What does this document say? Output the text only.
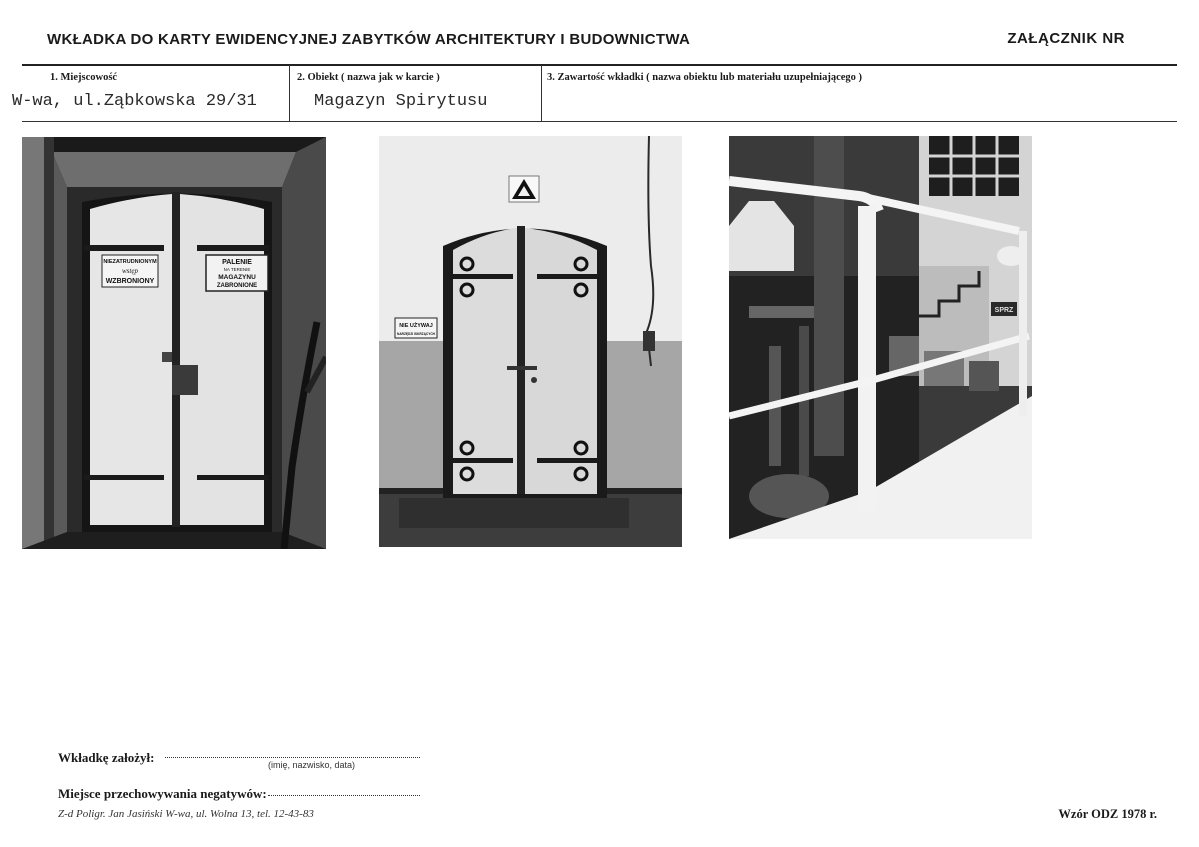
WKŁADKA DO KARTY EWIDENCYJNEJ ZABYTKÓW ARCHITEKTURY I BUDOWNICTWA	ZAŁĄCZNIK NR
1. Miejscowość
W-wa, ul.Ząbkowska 29/31
2. Obiekt ( nazwa jak w karcie )
Magazyn Spirytusu
3. Zawartość wkładki ( nazwa obiektu lub materiału uzupełniającego )
NIEZATRUDNIONYM
wstęp
WZBRONIONY
PALENIE
NA TERENIE
MAGAZYNU
ZABRONIONE
NIE UŻYWAJ
NARZĘDZI ISKRZĄCYCH
SPRZ
Wkładkę założył:	(imię, nazwisko, data)
Miejsce przechowywania negatywów:
Z-d Poligr. Jan Jasiński W-wa, ul. Wolna 13, tel. 12-43-83	Wzór ODZ 1978 r.
